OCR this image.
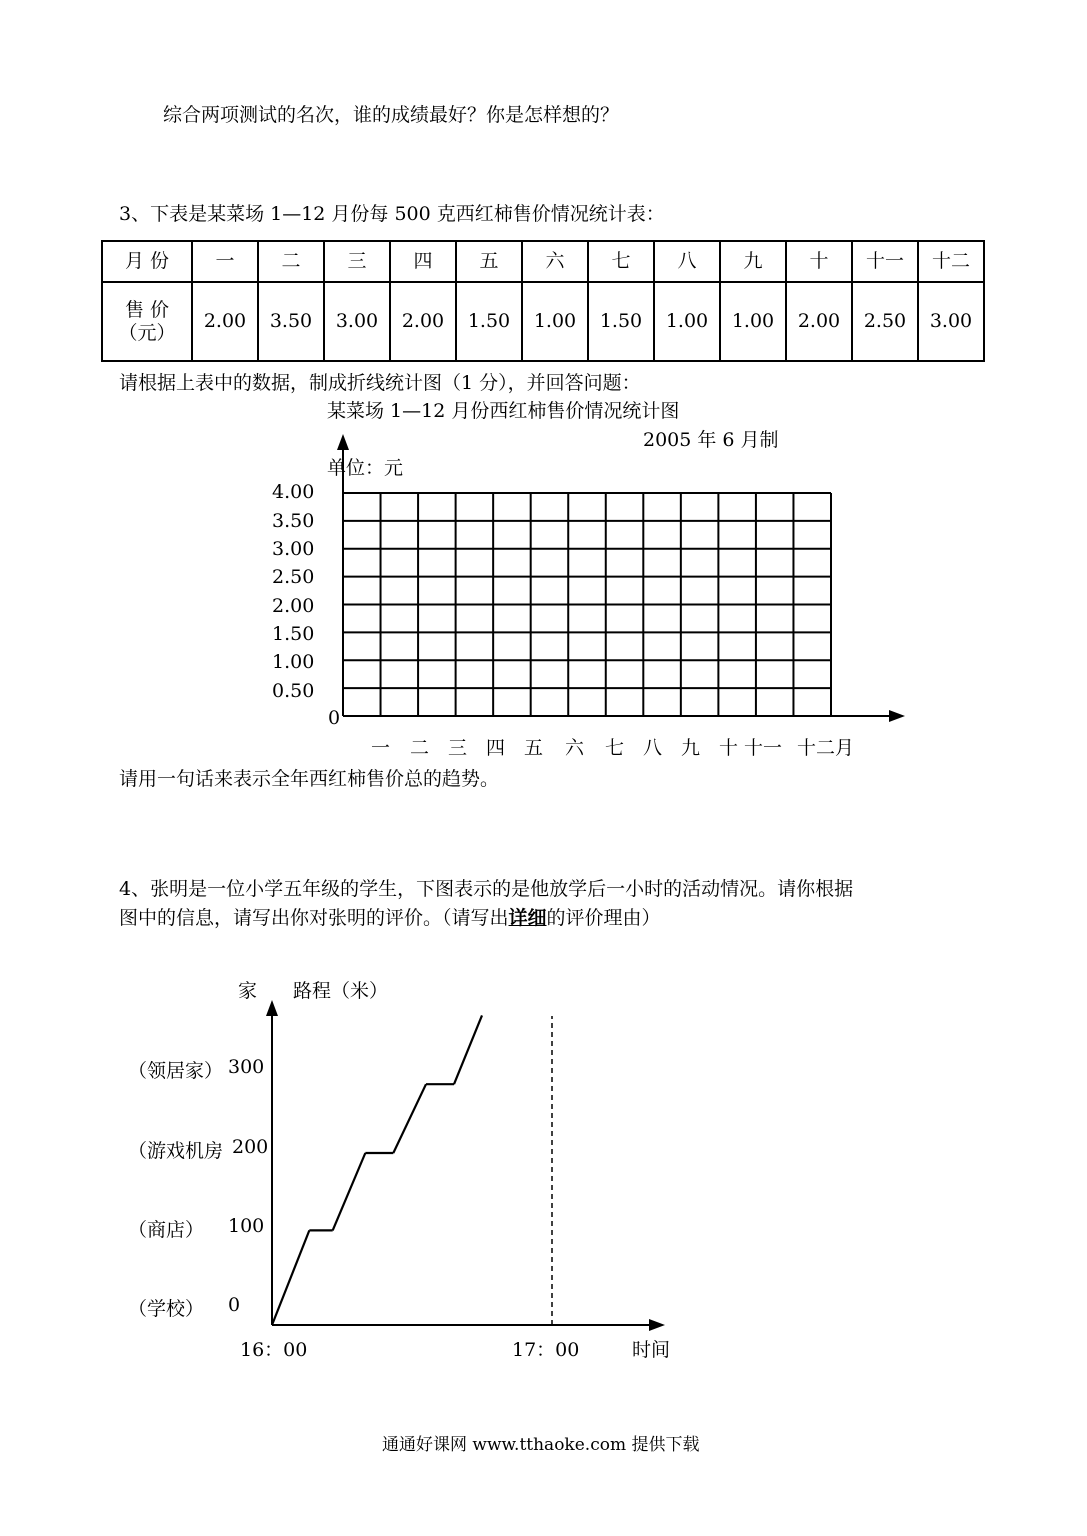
综合两项测试的名次，谁的成绩最好？你是怎样想的？
3、下表是某菜场 1—12 月份每 500 克西红柿售价情况统计表：
月 份	一	二	三	四	五	六	七	八	九	十	十一	十二

售 价
（元）	2.00	3.50	3.00	2.00	1.50	1.00	1.50	1.00	1.00	2.00	2.50	3.00
请根据上表中的数据，制成折线统计图（1 分），并回答问题：
某菜场 1—12 月份西红柿售价情况统计图
2005 年 6 月制
单位：元
4.00
3.50
3.00
2.50
2.00
1.50
1.00
0.50
0
一 二 三 四 五 六 七 八 九 十 十一 十二月
请用一句话来表示全年西红柿售价总的趋势。
4、张明是一位小学五年级的学生，下图表示的是他放学后一小时的活动情况。请你根据
图中的信息，请写出你对张明的评价。（请写出详细的评价理由）
家 路程（米）
（领居家） 300
（游戏机房 200
（商店） 100
（学校） 0
16：00	17：00	时间
通通好课网 www.tthaoke.com 提供下载
